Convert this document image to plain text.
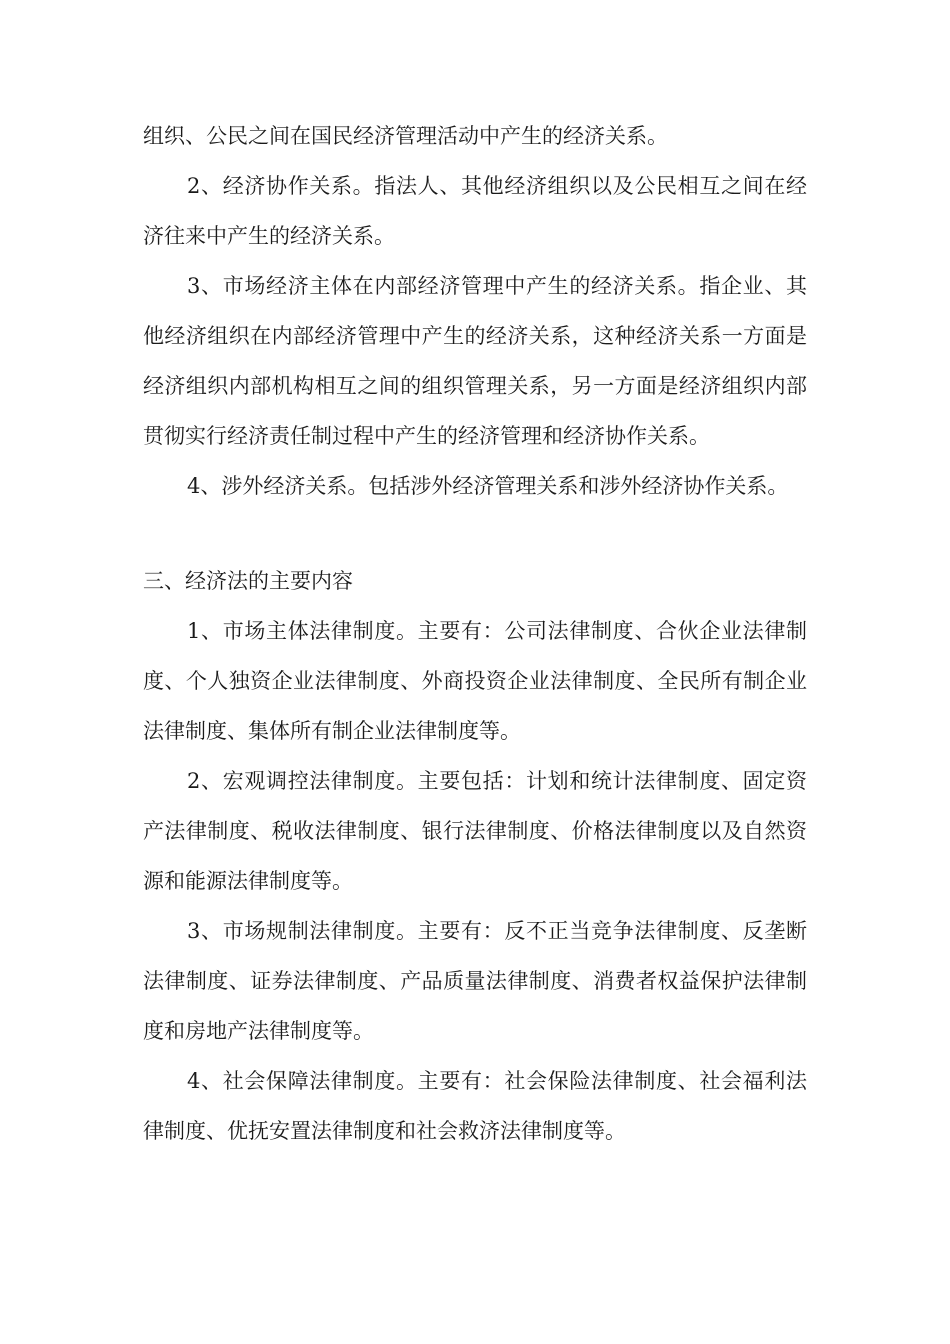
组织、公民之间在国民经济管理活动中产生的经济关系。

2、经济协作关系。指法人、其他经济组织以及公民相互之间在经济往来中产生的经济关系。

3、市场经济主体在内部经济管理中产生的经济关系。指企业、其他经济组织在内部经济管理中产生的经济关系，这种经济关系一方面是经济组织内部机构相互之间的组织管理关系，另一方面是经济组织内部贯彻实行经济责任制过程中产生的经济管理和经济协作关系。

4、涉外经济关系。包括涉外经济管理关系和涉外经济协作关系。

三、经济法的主要内容

1、市场主体法律制度。主要有：公司法律制度、合伙企业法律制度、个人独资企业法律制度、外商投资企业法律制度、全民所有制企业法律制度、集体所有制企业法律制度等。

2、宏观调控法律制度。主要包括：计划和统计法律制度、固定资产法律制度、税收法律制度、银行法律制度、价格法律制度以及自然资源和能源法律制度等。

3、市场规制法律制度。主要有：反不正当竞争法律制度、反垄断法律制度、证券法律制度、产品质量法律制度、消费者权益保护法律制度和房地产法律制度等。

4、社会保障法律制度。主要有：社会保险法律制度、社会福利法律制度、优抚安置法律制度和社会救济法律制度等。
